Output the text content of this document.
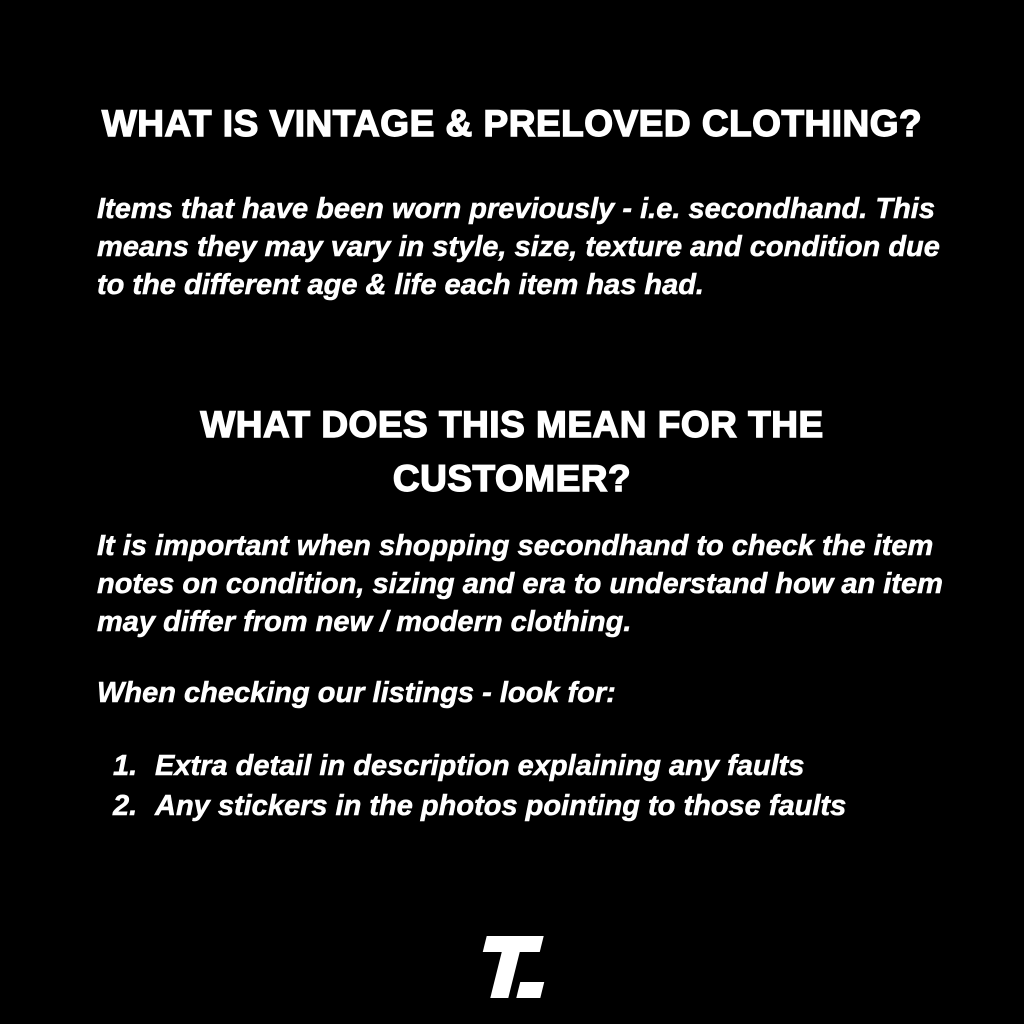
WHAT IS VINTAGE & PRELOVED CLOTHING?
Items that have been worn previously - i.e. secondhand. This
means they may vary in style, size, texture and condition due
to the different age & life each item has had.
WHAT DOES THIS MEAN FOR THE
CUSTOMER?
It is important when shopping secondhand to check the item
notes on condition, sizing and era to understand how an item
may differ from new / modern clothing.
When checking our listings - look for:
1. Extra detail in description explaining any faults
2. Any stickers in the photos pointing to those faults
